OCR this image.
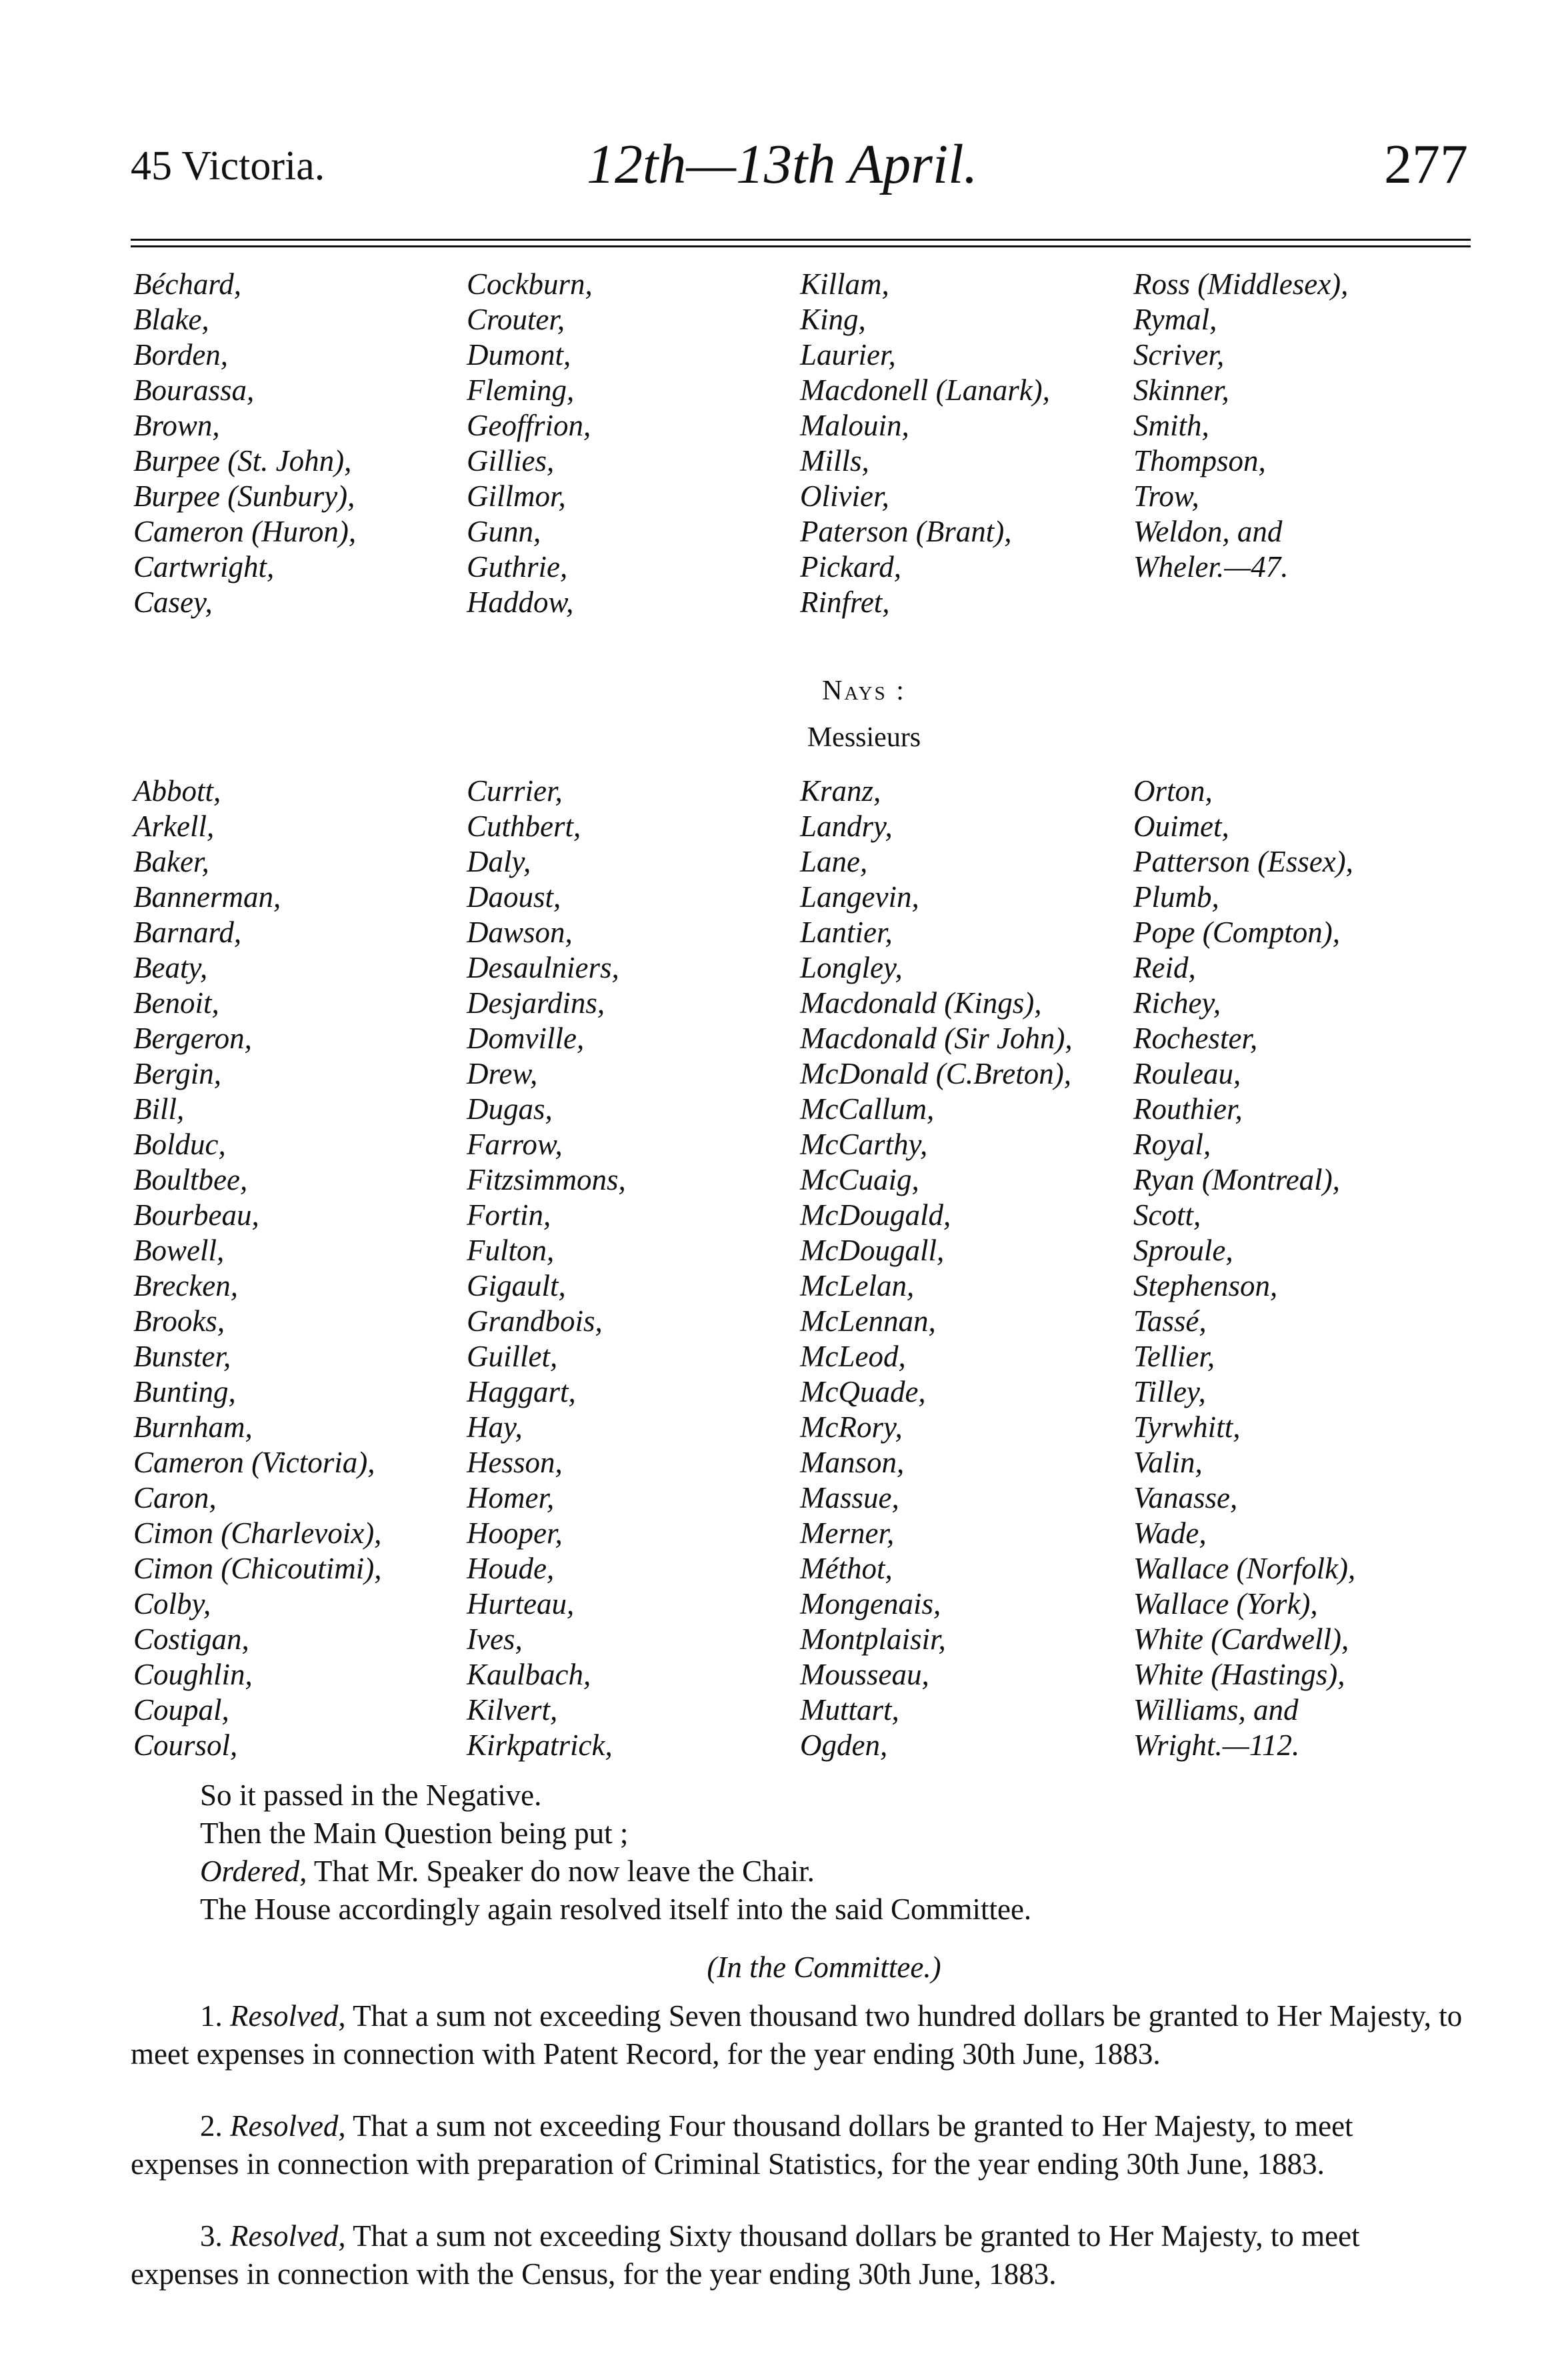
45 Victoria.	12th—13th April.	277
Béchard,
Blake,
Borden,
Bourassa,
Brown,
Burpee (St. John),
Burpee (Sunbury),
Cameron (Huron),
Cartwright,
Casey,
Cockburn,
Crouter,
Dumont,
Fleming,
Geoffrion,
Gillies,
Gillmor,
Gunn,
Guthrie,
Haddow,
Killam,
King,
Laurier,
Macdonell (Lanark),
Malouin,
Mills,
Olivier,
Paterson (Brant),
Pickard,
Rinfret,
Ross (Middlesex),
Rymal,
Scriver,
Skinner,
Smith,
Thompson,
Trow,
Weldon, and
Wheler.—47.
Nays :
Messieurs
Abbott,
Arkell,
Baker,
Bannerman,
Barnard,
Beaty,
Benoit,
Bergeron,
Bergin,
Bill,
Bolduc,
Boultbee,
Bourbeau,
Bowell,
Brecken,
Brooks,
Bunster,
Bunting,
Burnham,
Cameron (Victoria),
Caron,
Cimon (Charlevoix),
Cimon (Chicoutimi),
Colby,
Costigan,
Coughlin,
Coupal,
Coursol,
Currier,
Cuthbert,
Daly,
Daoust,
Dawson,
Desaulniers,
Desjardins,
Domville,
Drew,
Dugas,
Farrow,
Fitzsimmons,
Fortin,
Fulton,
Gigault,
Grandbois,
Guillet,
Haggart,
Hay,
Hesson,
Homer,
Hooper,
Houde,
Hurteau,
Ives,
Kaulbach,
Kilvert,
Kirkpatrick,
Kranz,
Landry,
Lane,
Langevin,
Lantier,
Longley,
Macdonald (Kings),
Macdonald (Sir John),
McDonald (C.Breton),
McCallum,
McCarthy,
McCuaig,
McDougald,
McDougall,
McLelan,
McLennan,
McLeod,
McQuade,
McRory,
Manson,
Massue,
Merner,
Méthot,
Mongenais,
Montplaisir,
Mousseau,
Muttart,
Ogden,
Orton,
Ouimet,
Patterson (Essex),
Plumb,
Pope (Compton),
Reid,
Richey,
Rochester,
Rouleau,
Routhier,
Royal,
Ryan (Montreal),
Scott,
Sproule,
Stephenson,
Tassé,
Tellier,
Tilley,
Tyrwhitt,
Valin,
Vanasse,
Wade,
Wallace (Norfolk),
Wallace (York),
White (Cardwell),
White (Hastings),
Williams, and
Wright.—112.

So it passed in the Negative.

Then the Main Question being put ;

Ordered, That Mr. Speaker do now leave the Chair.

The House accordingly again resolved itself into the said Committee.

(In the Committee.)

1. Resolved, That a sum not exceeding Seven thousand two hundred dollars be granted to Her Majesty, to meet expenses in connection with Patent Record, for the year ending 30th June, 1883.

2. Resolved, That a sum not exceeding Four thousand dollars be granted to Her Majesty, to meet expenses in connection with preparation of Criminal Statistics, for the year ending 30th June, 1883.

3. Resolved, That a sum not exceeding Sixty thousand dollars be granted to Her Majesty, to meet expenses in connection with the Census, for the year ending 30th June, 1883.
